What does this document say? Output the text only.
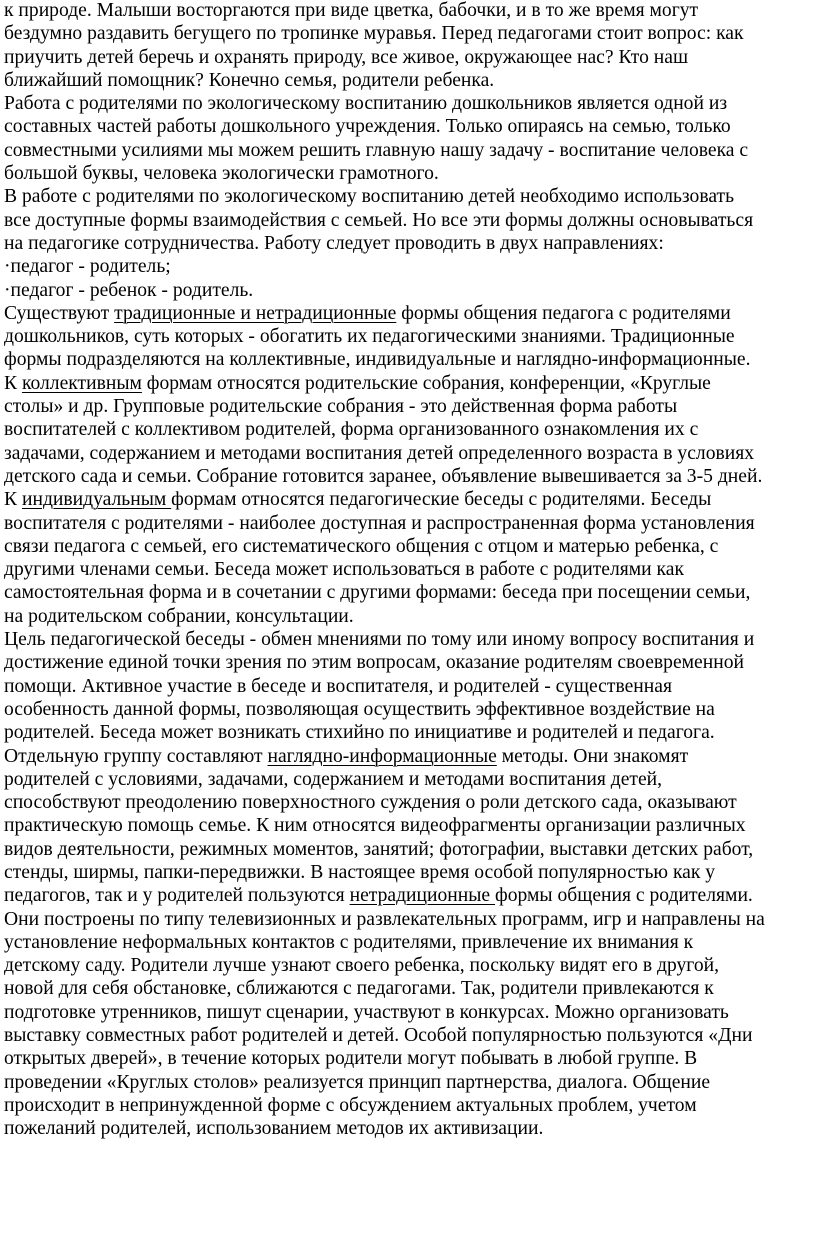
к природе. Малыши восторгаются при виде цветка, бабочки, и в то же время могут
бездумно раздавить бегущего по тропинке муравья. Перед педагогами стоит вопрос: как
приучить детей беречь и охранять природу, все живое, окружающее нас? Кто наш
ближайший помощник? Конечно семья, родители ребенка.
Работа с родителями по экологическому воспитанию дошкольников является одной из
составных частей работы дошкольного учреждения. Только опираясь на семью, только
совместными усилиями мы можем решить главную нашу задачу - воспитание человека с
большой буквы, человека экологически грамотного.
В работе с родителями по экологическому воспитанию детей необходимо использовать
все доступные формы взаимодействия с семьей. Но все эти формы должны основываться
на педагогике сотрудничества. Работу следует проводить в двух направлениях:
·педагог - родитель;
·педагог - ребенок - родитель.
Существуют традиционные и нетрадиционные формы общения педагога с родителями
дошкольников, суть которых - обогатить их педагогическими знаниями. Традиционные
формы подразделяются на коллективные, индивидуальные и наглядно-информационные.
К коллективным формам относятся родительские собрания, конференции, «Круглые
столы» и др. Групповые родительские собрания - это действенная форма работы
воспитателей с коллективом родителей, форма организованного ознакомления их с
задачами, содержанием и методами воспитания детей определенного возраста в условиях
детского сада и семьи. Собрание готовится заранее, объявление вывешивается за 3-5 дней.
К индивидуальным формам относятся педагогические беседы с родителями. Беседы
воспитателя с родителями - наиболее доступная и распространенная форма установления
связи педагога с семьей, его систематического общения с отцом и матерью ребенка, с
другими членами семьи. Беседа может использоваться в работе с родителями как
самостоятельная форма и в сочетании с другими формами: беседа при посещении семьи,
на родительском собрании, консультации.
Цель педагогической беседы - обмен мнениями по тому или иному вопросу воспитания и
достижение единой точки зрения по этим вопросам, оказание родителям своевременной
помощи. Активное участие в беседе и воспитателя, и родителей - существенная
особенность данной формы, позволяющая осуществить эффективное воздействие на
родителей. Беседа может возникать стихийно по инициативе и родителей и педагога.
Отдельную группу составляют наглядно-информационные методы. Они знакомят
родителей с условиями, задачами, содержанием и методами воспитания детей,
способствуют преодолению поверхностного суждения о роли детского сада, оказывают
практическую помощь семье. К ним относятся видеофрагменты организации различных
видов деятельности, режимных моментов, занятий; фотографии, выставки детских работ,
стенды, ширмы, папки-передвижки. В настоящее время особой популярностью как у
педагогов, так и у родителей пользуются нетрадиционные формы общения с родителями.
Они построены по типу телевизионных и развлекательных программ, игр и направлены на
установление неформальных контактов с родителями, привлечение их внимания к
детскому саду. Родители лучше узнают своего ребенка, поскольку видят его в другой,
новой для себя обстановке, сближаются с педагогами. Так, родители привлекаются к
подготовке утренников, пишут сценарии, участвуют в конкурсах. Можно организовать
выставку совместных работ родителей и детей. Особой популярностью пользуются «Дни
открытых дверей», в течение которых родители могут побывать в любой группе. В
проведении «Круглых столов» реализуется принцип партнерства, диалога. Общение
происходит в непринужденной форме с обсуждением актуальных проблем, учетом
пожеланий родителей, использованием методов их активизации.
